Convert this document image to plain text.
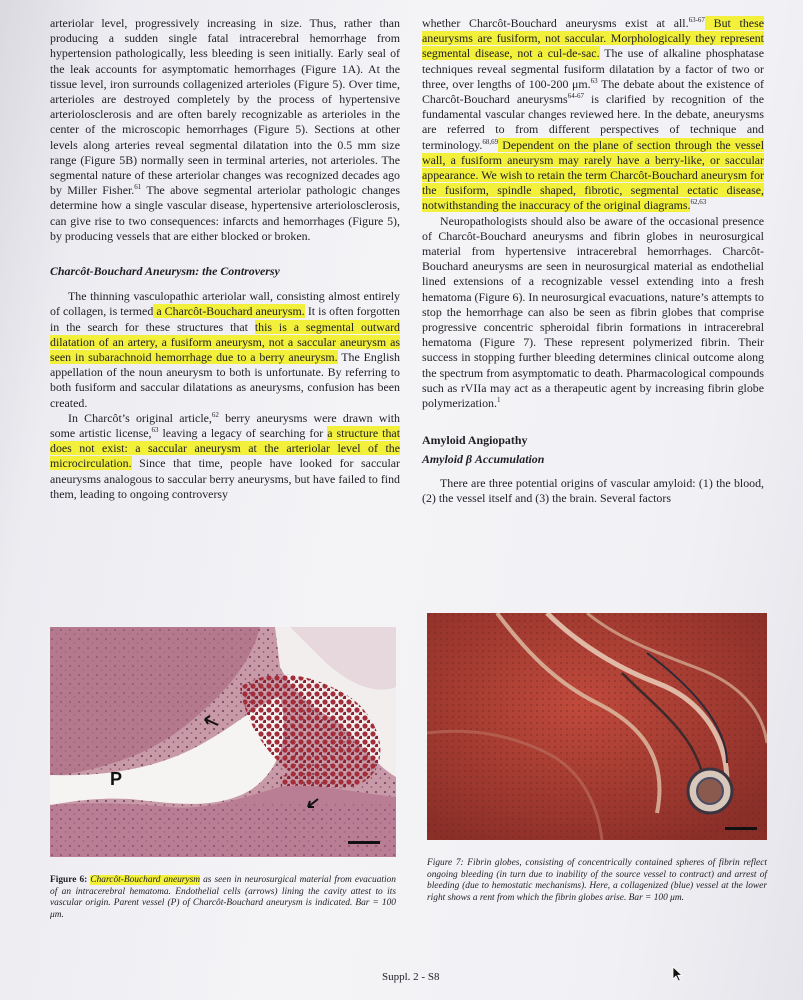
arteriolar level, progressively increasing in size. Thus, rather than producing a sudden single fatal intracerebral hemorrhage from hypertension pathologically, less bleeding is seen initially. Early seal of the leak accounts for asymptomatic hemorrhages (Figure 1A). At the tissue level, iron surrounds collagenized arterioles (Figure 5). Over time, arterioles are destroyed completely by the process of hypertensive arteriolosclerosis and are often barely recognizable as arterioles in the center of the microscopic hemorrhages (Figure 5). Sections at other levels along arteries reveal segmental dilatation into the 0.5 mm size range (Figure 5B) normally seen in terminal arteries, not arterioles. The segmental nature of these arteriolar changes was recognized decades ago by Miller Fisher.$^{61}$ The above segmental arteriolar pathologic changes determine how a single vascular disease, hypertensive arteriolosclerosis, can give rise to two consequences: infarcts and hemorrhages (Figure 5), by producing vessels that are either blocked or broken.

Charcôt-Bouchard Aneurysm: the Controversy

The thinning vasculopathic arteriolar wall, consisting almost entirely of collagen, is termed a Charcôt-Bouchard aneurysm. It is often forgotten in the search for these structures that this is a segmental outward dilatation of an artery, a fusiform aneurysm, not a saccular aneurysm as seen in subarachnoid hemorrhage due to a berry aneurysm. The English appellation of the noun aneurysm to both is unfortunate. By referring to both fusiform and saccular dilatations as aneurysms, confusion has been created.

In Charcôt’s original article,$^{62}$ berry aneurysms were drawn with some artistic license,$^{63}$ leaving a legacy of searching for a structure that does not exist: a saccular aneurysm at the arteriolar level of the microcirculation. Since that time, people have looked for saccular aneurysms analogous to saccular berry aneurysms, but have failed to find them, leading to ongoing controversy

whether Charcôt-Bouchard aneurysms exist at all.$^{63-67}$ But these aneurysms are fusiform, not saccular. Morphologically they represent segmental disease, not a cul-de-sac. The use of alkaline phosphatase techniques reveal segmental fusiform dilatation by a factor of two or three, over lengths of 100-200 μm.$^{63}$ The debate about the existence of Charcôt-Bouchard aneurysms$^{64-67}$ is clarified by recognition of the fundamental vascular changes reviewed here. In the debate, aneurysms are referred to from different perspectives of technique and terminology.$^{68,69}$ Dependent on the plane of section through the vessel wall, a fusiform aneurysm may rarely have a berry-like, or saccular appearance. We wish to retain the term Charcôt-Bouchard aneurysm for the fusiform, spindle shaped, fibrotic, segmental ectatic disease, notwithstanding the inaccuracy of the original diagrams.$^{62,63}$

Neuropathologists should also be aware of the occasional presence of Charcôt-Bouchard aneurysms and fibrin globes in neurosurgical material from hypertensive intracerebral hemorrhages. Charcôt-Bouchard aneurysms are seen in neurosurgical material as endothelial lined extensions of a recognizable vessel extending into a fresh hematoma (Figure 6). In neurosurgical evacuations, nature’s attempts to stop the hemorrhage can also be seen as fibrin globes that comprise progressive concentric spheroidal fibrin formations in intracerebral hematoma (Figure 7). These represent polymerized fibrin. Their success in stopping further bleeding determines clinical outcome along the spectrum from asymptomatic to death. Pharmacological compounds such as rVIIa may act as a therapeutic agent by increasing fibrin globe polymerization.$^1$

Amyloid Angiopathy

Amyloid β Accumulation

There are three potential origins of vascular amyloid: (1) the blood, (2) the vessel itself and (3) the brain. Several factors

P
Figure 6: Charcôt-Bouchard aneurysm as seen in neurosurgical material from evacuation of an intracerebral hematoma. Endothelial cells (arrows) lining the cavity attest to its vascular origin. Parent vessel (P) of Charcôt-Bouchard aneurysm is indicated. Bar = 100 μm.
Figure 7: Fibrin globes, consisting of concentrically contained spheres of fibrin reflect ongoing bleeding (in turn due to inability of the source vessel to contract) and arrest of bleeding (due to hemostatic mechanisms). Here, a collagenized (blue) vessel at the lower right shows a rent from which the fibrin globes arise. Bar = 100 μm.
Suppl. 2 - S8
